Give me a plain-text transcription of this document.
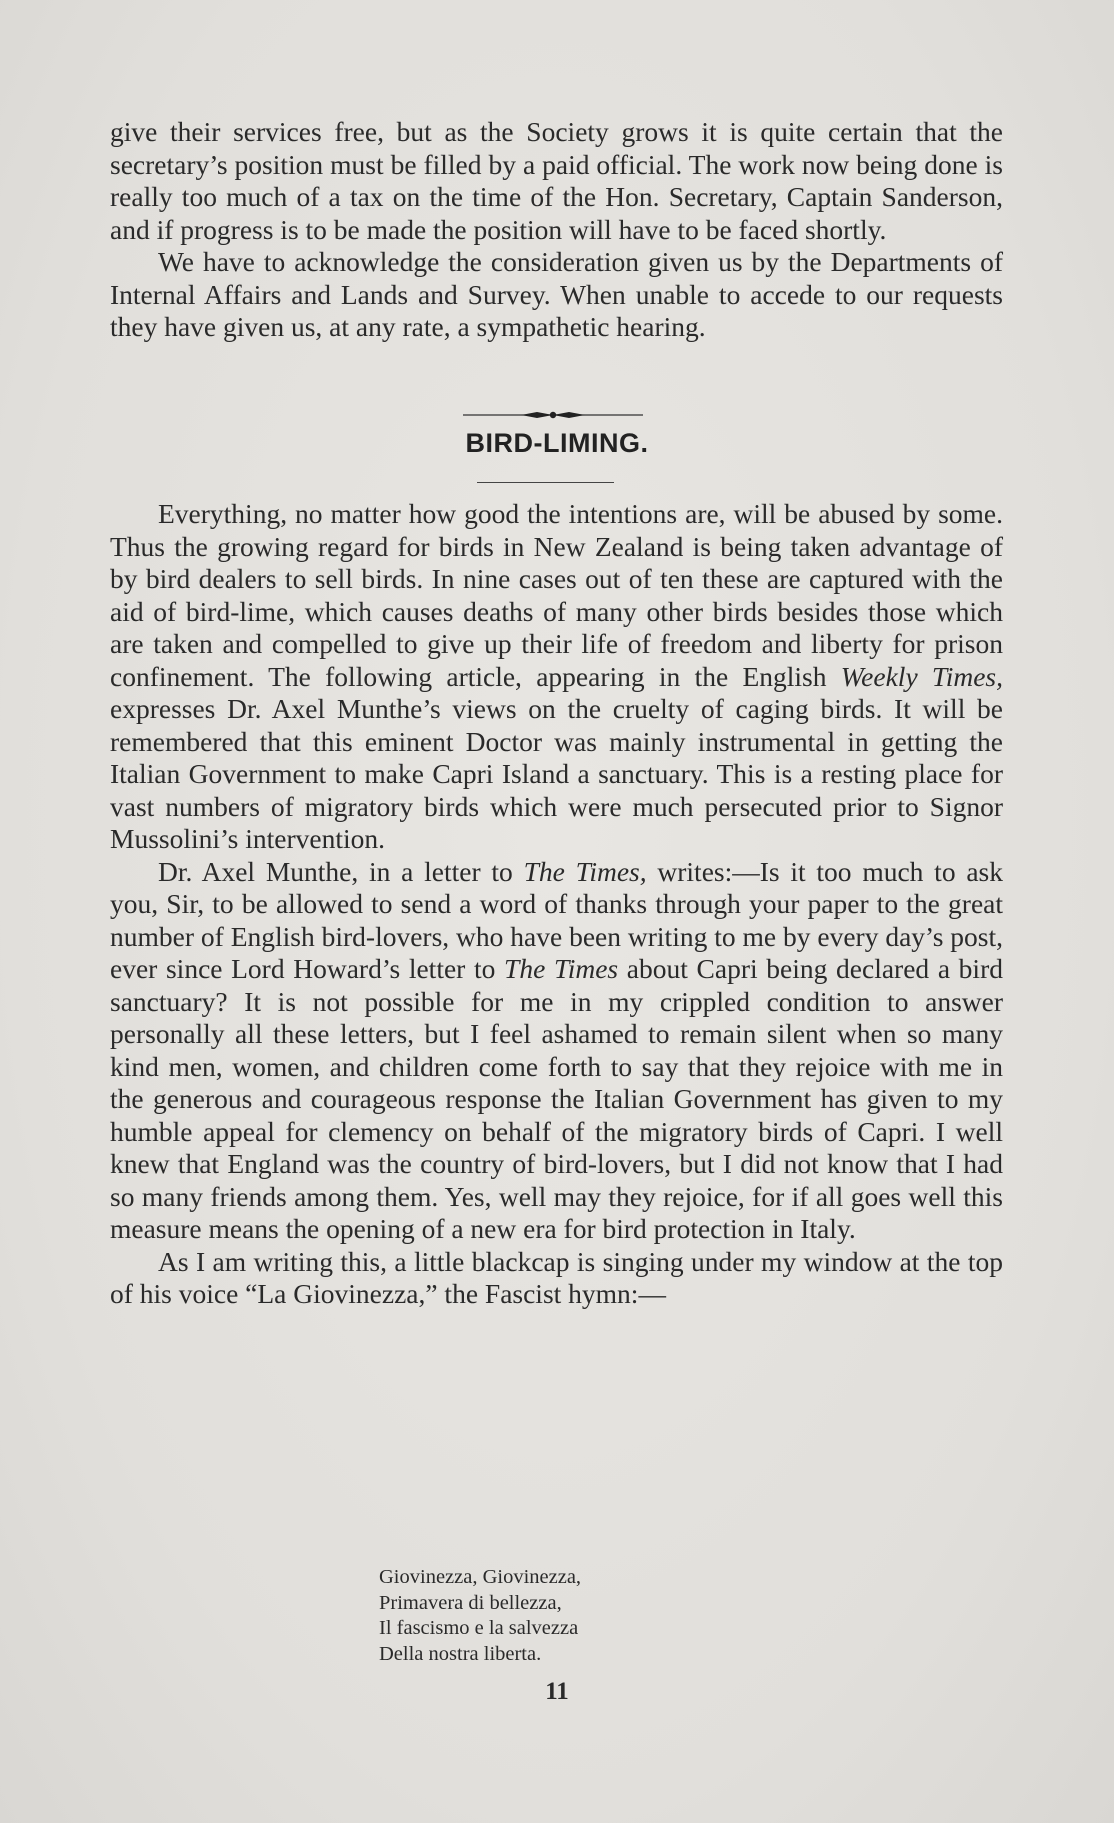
give their services free, but as the Society grows it is quite certain that the secretary’s position must be filled by a paid official. The work now being done is really too much of a tax on the time of the Hon. Secretary, Captain Sanderson, and if progress is to be made the position will have to be faced shortly.

We have to acknowledge the consideration given us by the Departments of Internal Affairs and Lands and Survey. When unable to accede to our requests they have given us, at any rate, a sympathetic hearing.

BIRD-LIMING.

Everything, no matter how good the intentions are, will be abused by some. Thus the growing regard for birds in New Zealand is being taken advantage of by bird dealers to sell birds. In nine cases out of ten these are captured with the aid of bird-lime, which causes deaths of many other birds besides those which are taken and compelled to give up their life of freedom and liberty for prison confinement. The following article, appearing in the English Weekly Times, expresses Dr. Axel Munthe’s views on the cruelty of caging birds. It will be remembered that this eminent Doctor was mainly instrumental in getting the Italian Government to make Capri Island a sanctuary. This is a resting place for vast numbers of migratory birds which were much persecuted prior to Signor Mussolini’s intervention.

Dr. Axel Munthe, in a letter to The Times, writes:—Is it too much to ask you, Sir, to be allowed to send a word of thanks through your paper to the great number of English bird-lovers, who have been writing to me by every day’s post, ever since Lord Howard’s letter to The Times about Capri being declared a bird sanctuary? It is not possible for me in my crippled condition to answer personally all these letters, but I feel ashamed to remain silent when so many kind men, women, and children come forth to say that they rejoice with me in the generous and courageous response the Italian Government has given to my humble appeal for clemency on behalf of the migratory birds of Capri. I well knew that England was the country of bird-lovers, but I did not know that I had so many friends among them. Yes, well may they rejoice, for if all goes well this measure means the opening of a new era for bird protection in Italy.

As I am writing this, a little blackcap is singing under my window at the top of his voice “La Giovinezza,” the Fascist hymn:—

Giovinezza, Giovinezza,
Primavera di bellezza,
Il fascismo e la salvezza
Della nostra liberta.
11
